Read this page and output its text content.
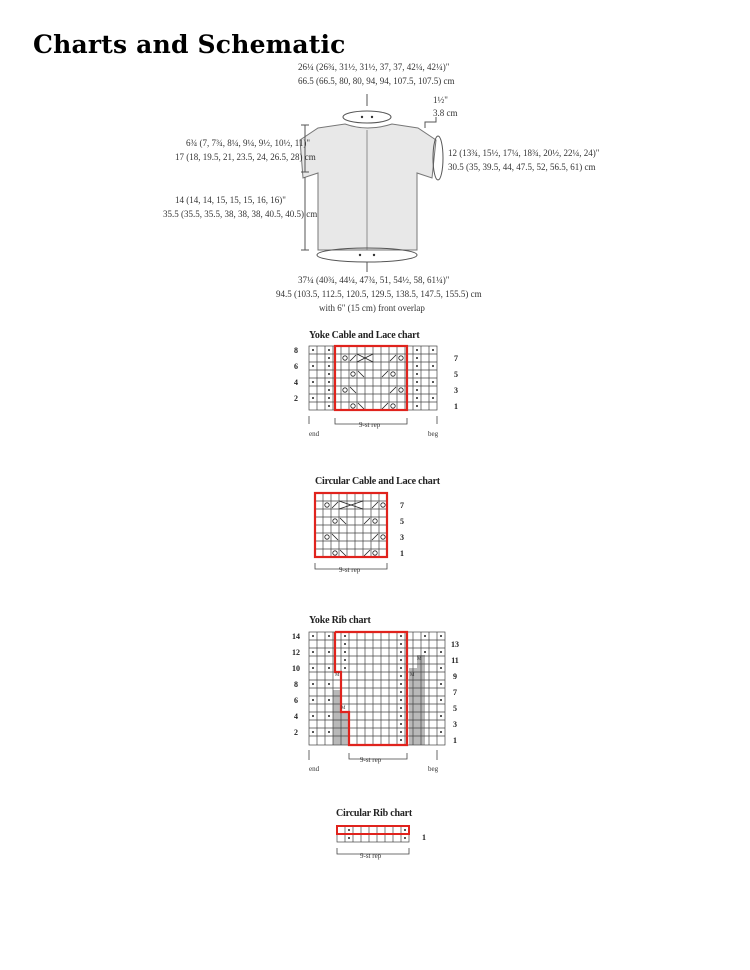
Charts and Schematic
26¼ (26¾, 31½, 31½, 37, 37, 42¼, 42¼)"
66.5 (66.5, 80, 80, 94, 94, 107.5, 107.5) cm
1½"
3.8 cm
6¾ (7, 7¾, 8¼, 9¼, 9½, 10½, 11)"
17 (18, 19.5, 21, 23.5, 24, 26.5, 28) cm	12 (13¾, 15½, 17¼, 18¾, 20½, 22¼, 24)"
30.5 (35, 39.5, 44, 47.5, 52, 56.5, 61) cm
14 (14, 14, 15, 15, 15, 16, 16)"
35.5 (35.5, 35.5, 38, 38, 38, 40.5, 40.5) cm
37¼ (40¾, 44¼, 47¾, 51, 54½, 58, 61¼)"
94.5 (103.5, 112.5, 120.5, 129.5, 138.5, 147.5, 155.5) cm
with 6" (15 cm) front overlap
Yoke Cable and Lace chart
8
6
4
2
7
5
3
1
9-st rep
end	beg
Circular Cable and Lace chart
7
5
3
1
9-st rep
Yoke Rib chart
M
M
M
M
14
12
10
8
6
4
2
13
11
9
7
5
3
1
9-st rep
end	beg
Circular Rib chart
1
9-st rep
